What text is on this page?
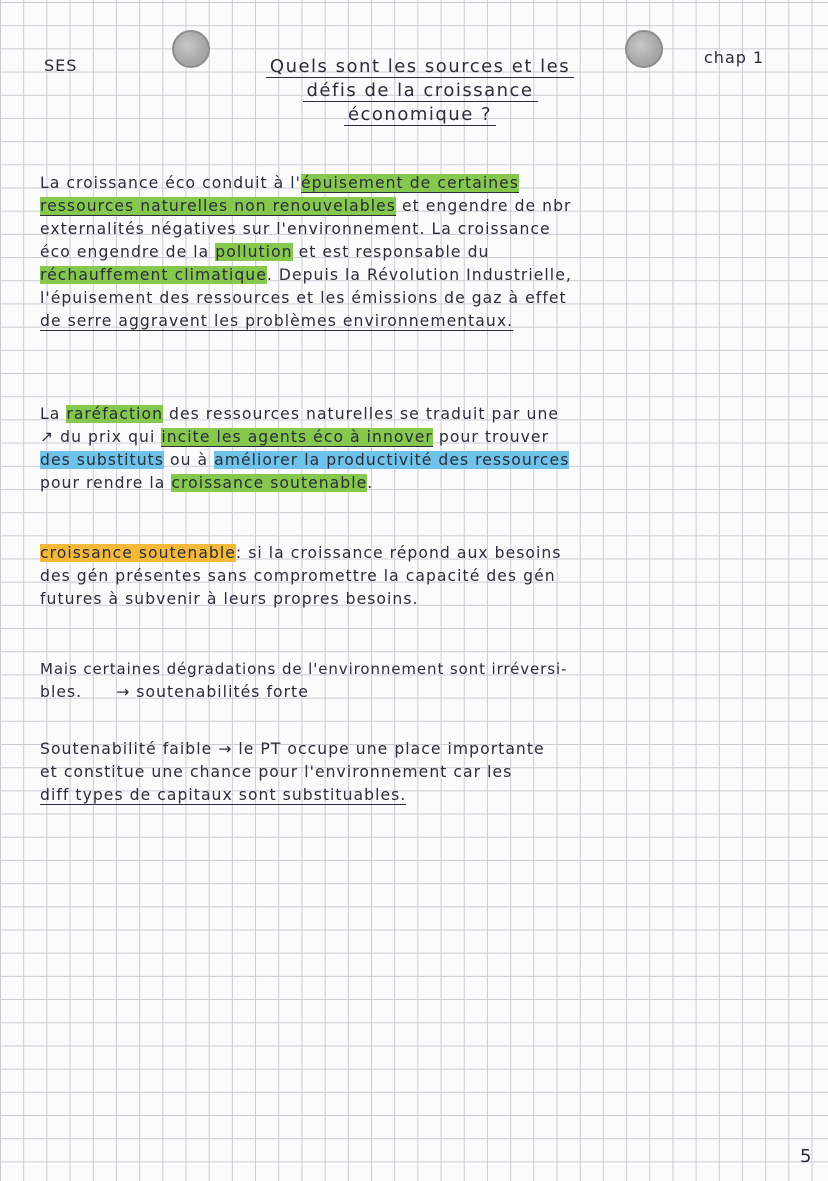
SES	chap 1
Quels sont les sources et les
défis de la croissance
économique ?
La croissance éco conduit à l'épuisement de certaines
ressources naturelles non renouvelables et engendre de nbr
externalités négatives sur l'environnement. La croissance
éco engendre de la pollution et est responsable du
réchauffement climatique. Depuis la Révolution Industrielle,
l'épuisement des ressources et les émissions de gaz à effet
de serre aggravent les problèmes environnementaux.
La raréfaction des ressources naturelles se traduit par une
↗ du prix qui incite les agents éco à innover pour trouver
des substituts ou à améliorer la productivité des ressources
pour rendre la croissance soutenable.
croissance soutenable: si la croissance répond aux besoins
des gén présentes sans compromettre la capacité des gén
futures à subvenir à leurs propres besoins.
Mais certaines dégradations de l'environnement sont irréversi-
bles. → soutenabilités forte
Soutenabilité faible → le PT occupe une place importante
et constitue une chance pour l'environnement car les
diff types de capitaux sont substituables.
5
